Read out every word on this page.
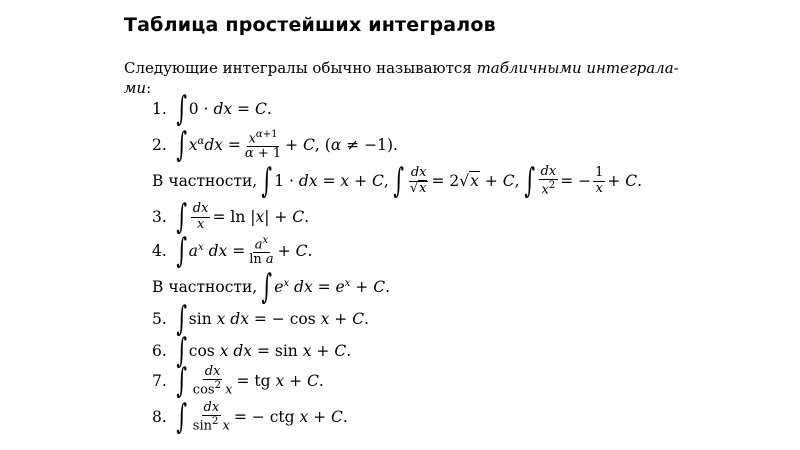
Таблица простейших интегралов
Следующие интегралы обычно называются табличными интеграла-
ми:
1. ∫ 0 · dx = C.
2. ∫ $x^\alpha dx = \frac{x^{\alpha+1}}{\alpha + 1} + C$, (α ≠ −1).
В частности, ∫ 1 · dx = x + C, ∫ $\frac{dx}{√x} = 2√x + C$, ∫ $\frac{dx}{x^2}$ = − $\frac{1}{x} + C$.
3. ∫ $\frac{dx}{x} = \ln |x| + C$.
4. ∫ $a^x$ dx = $\frac{a^x}{\text{ln a}} + C$.
В частности, ∫ $e^x$ dx = $e^x + C$.
5. ∫ sin x dx = − cos x + C.
6. ∫ cos x dx = sin x + C.
7. ∫ $\frac{dx}{\cos^2 x}$ = tg x + C.
8. ∫ $\frac{dx}{\sin^2 x}$ = − ctg x + C.
